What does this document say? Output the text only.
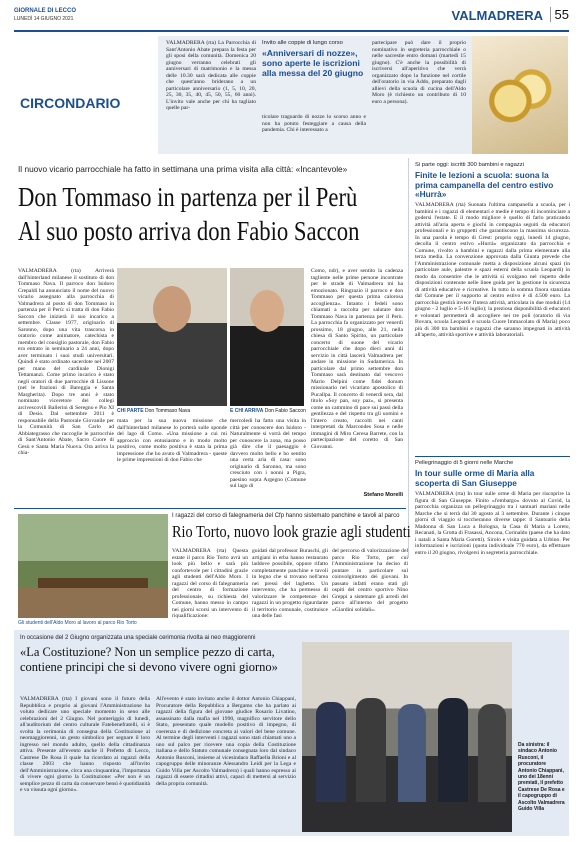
GIORNALE DI LECCO
LUNEDÌ 14 GIUGNO 2021	VALMADRERA 55
CIRCONDARIO
VALMADRERA (rta) La Parrocchia di Sant'Antonio Abate prepara la festa per gli sposi della comunità. Domenica 20 giugno verranno celebrati gli anniversari di matrimonio e la messa delle 10.30 sarà dedicata alle coppie che quest'anno briderano a un particolare anniversario (1, 5, 10, 20, 25, 30, 35, 40, 45, 50, 55, 60 anni). L'invito vale anche per chi ha tagliato quelle par-
Invito alle coppie di lungo corso
«Anniversari di nozze», sono aperte le iscrizioni alla messa del 20 giugno
ticolare traguardo di nozze lo scorso anno e non ha potuto festeggiare a causa della pandemia. Chi è interessato a
partecipare può dare il proprio nominativo in segreteria parrocchiale o nelle sacrestie entro domani (martedì 15 giugno). C'è anche la possibilità di iscriversi all'aperitivo che verrà organizzato dopo la funzione nel cortile dell'oratorio in via Addo, preparato dagli allievi della scuola di cucina dell'Aldo Moro (è richiesto un contributo di 10 euro a persona).
Il nuovo vicario parrocchiale ha fatto in settimana una prima visita alla città: «Incantevole»
Don Tommaso in partenza per il Perù
Al suo posto arriva don Fabio Saccon
VALMADRERA (rta) Arriverà dall'hinterland milanese il sostituto di don Tommaso Nava. Il parroco don Isidoro Crepaldi ha annunciato il nome del nuovo vicario assegnato alla parrocchia di Valmadrera al posto di don Tommaso in partenza per il Perù: si tratta di don Fabio Saccon che inizierà il suo incarico a settembre. Classe 1977, originario di Saronno, dopo una vita trascorsa in oratorio come animatore, catechista e membro del consiglio pastorale, don Fabio era entrato in seminario a 24 anni, dopo aver terminato i suoi studi universitari. Quindi è stato ordinato sacerdote nel 2007 per mano del cardinale Dionigi Tettamanzi. Come primo incarico è stato negli oratori di due parrocchie di Lissone (nel le frazioni di Bareggia e Santa Margherita). Dopo tre anni è stato nominato viceretore dei collegi arcivescovili Ballerini di Seregno e Pio XI di Desio. Dal settembre 2011 è responsabile della Pastorale Giovanile per la Comunità di San Carlo ad Abbiategrasso che raccoglie le parrocchie di Sant'Antonio Abate, Sacro Cuore di Gesù e Santa Maria Nuova. Ora arriva la chia-
CHI PARTE Don Tommaso Nava	E CHI ARRIVA Don Fabio Saccon
mata per la sua nuova missione che dall'hinterland milanese lo porterà sulle sponde del lago di Como. «Una missione a cui mi approccio con entusiasmo e in modo molto positivo, come molto positiva è stata la prima impressione che ho avuto di Valmadrera - queste le prime impressioni di don Fabio che
mercoledì ha fatto una visita in città per conoscere don Isidoro - Naturalmente si vorrà del tempo per conoscere la zona, ma posso già dire che il paesaggio è davvero molto bello e ho sentito una certa aria di casa: sono originario di Saronno, ma sono cresciuto con i nonni a Pigra, paesino sopra Argegno (Comune sul lago di
Como, ndr), e aver sentito la cadenza tagliente nelle prime persone incontrate per le strade di Valmadrera mi ha emozionato. Ringrazio il parroco e don Tommaso per questa prima calorosa accoglienza». Intanto i fedeli sono chiamati a raccolta per salutare don Tommaso Nava in partenza per il Perù. La parrocchia fa organizzato per venerdì prossimo, 18 giugno, alle 21, nella chiesa di Santo Spirito, un particolare concerto di suone del vicario parrocchiale che dopo dieci anni di servizio in città lascerà Valmadrera per andare in missione in Sudamerica. In particolare dal primo settembre don Tommaso sarà destinato dal vescovo Mario Delpini come fidei donum missionario nel vicariato apostolico di Pucallpa. Il concerto di venerdì sera, dal titolo «Soy pan, soy paz», si presenta come un cammino di pace sui passi della gentilezza e del rispetto tra gli uomini e l'intero creato, raccolti nei canti interpretati da Marcondes Sosa e nelle immagini di Miro Ceresa Barrete, con la partecipazione del coretto di San Giovanni.
Stefano Morelli
Si parte oggi: iscritti 300 bambini e ragazzi
Finite le lezioni a scuola: suona la prima campanella del centro estivo «Hurrà»
VALMADRERA (rta) Suonata l'ultima campanella a scuola, per i bambini e i ragazzi di elementari e medie è tempo di incominciare a godersi l'estate. E il modo migliore è quello di farlo praticando attività all'aria aperta e giochi in compagnia seguiti da educatori professionali e in gruppetti che garantiscono la massima sicurezza. In una parola è tempo di Grest: proprio oggi, lunedì 14 giugno, decolla il centro estivo «Hurrà» organizzato da parrocchia e Comune, rivolto a bambini e ragazzi dalla prima elementare alla terza media. La convenzione approvata dalla Giunta prevede che l'Amministrazione comunale metta a disposizione alcuni spazi (in particolare aule, palestre e spazi esterni della scuola Leopardi) in modo da consentire che le attività si svolgano nel rispetto delle disposizioni contenute nelle linee guida per la gestione in sicurezza di attività educative e ricreative. In tutto la somma finora stanziata dal Comune per il supporto al centro estivo è di 4.500 euro. La parrocchia gestirà invece l'intera attività, articolata in due moduli (14 giugno - 2 luglio e 5-16 luglio); la preziosa disponibilità di educatori e volontari permetterà di accogliere nei tre poli (oratorio di via Bovara, scuola Leopardi e scuola Cuore Immacolato di Maria) poco più di 300 tra bambini e ragazzi che saranno impegnati in attività all'aperto, attività sportive e attività laboratoriali.
Pellegrinaggio di 5 giorni nelle Marche
In tour sulle orme di Maria alla scoperta di San Giuseppe
VALMADRERA (rta) In tour sulle orme di Maria per riscoprire la figura di San Giuseppe. Finito «l'embargo» dovuto al Covid, la parrocchia organizza un pellegrinaggio tra i santuari mariani nelle Marche che si terrà dal 30 agosto al 3 settembre. Durante i cinque giorni di viaggio si toccheranno diverse tappe: il Santuario della Madonna di San Luca a Bologna, la Casa di Maria a Loreto, Recanati, la Grotta di Frasassi, Ancona, Corinaldo (paese che ha dato i natali a Santa Maria Goretti). Sirolo e visita guidata a Urbino. Per informazioni e iscrizioni (quota individuale 770 euro), da effettuare entro il 20 giugno, rivolgersi in segreteria parrocchiale.
Gli studenti dell'Aldo Moro al lavoro al parco Rio Torto
I ragazzi del corso di falegnameria del Cfp hanno sistemato panchine e tavoli al parco
Rio Torto, nuovo look grazie agli studenti
VALMADRERA (rta) Questa estate il parco Rio Torto avrà un look più bello e sarà più confortevole per i cittadini grazie agli studenti dell'Aldo Moro. I ragazzi del corso di falegnameria del centro di formazione professionale, su richiesta del Comune, hanno messo in campo nei giorni scorsi un intervento di riqualificazione:
guidati dal professor Buraschi, gli artigiani in erba hanno restaurato laddove possibile, oppure rifatto completamente panchine e tavoli in legno che si trovano nell'area nei pressi del laghetto. Un intervento, che ha permesso di valorizzare le competenze dei ragazzi in un progetto rigaurdante il territorio comunale, costituisce una delle fasi
del percorso di valorizzazione del parco Rio Torto, per cui l'Amministrazione ha deciso di puntare in particolare sul coinvolgimento dei giovani. In passato infatti erano stati gli ospiti del centro sportivo Nino Greppi a sistemare gli arredi del parco all'interno del progetto «Giardini solidali».
In occasione del 2 Giugno organizzata una speciale cerimonia rivolta ai neo maggiorenni
«La Costituzione? Non un semplice pezzo di carta, contiene principi che si devono vivere ogni giorno»
VALMADRERA (rta) I giovani sono il futuro della Repubblica e proprio ai giovani l'Amministrazione ha voluto dedicare uno speciale momento in seno alle celebrazioni del 2 Giugno. Nel pomeriggio di lunedì, all'auditorium del centro culturale Fatebenefratelli, si è svolta la cerimonia di consegna della Costituzione ai neomaggiorenni, un gesto simbolico per segnare il loro ingresso nel mondo adulto, quello della cittadinanza attiva. Presente all'evento anche il Prefetto di Lecco, Castrese De Rosa il quale ha ricordato ai ragazzi della classe 2003 che hanno risposto all'invito dell'Amministrazione, circa una cinquantina, l'importanza di vivere ogni giorno la Costituzione: «Per non è un semplice pezzo di carta da conservare bensì è quotidianità e va vissuta ogni giorno».
All'evento è stato invitato anche il dottor Antonio Chiappani, Procuratore della Repubblica a Bergamo che ha parlato ai ragazzi della figura del giovane giudice Rosario Livatino, assassinato dalla mafia nel 1990, magnifico servitore dello Stato, presentato quale modello positivo di impegno, di coerenza e di dedizione concreta ai valori del bene comune. Al termine degli interventi i ragazzi sono stati chiamati uno a uno sul palco per ricevere una copia della Costituzione italiana e dello Statuto comunale consegnata loro dal sindaco Antonio Rusconi, insieme al vicesindaco Raffaella Brioni e al capogruppo delle minoranze Alessandro Leidi per la Lega e Guido Villa per Ascolto Valmadrera) i quali hanno espresso ai ragazzi di essere cittadini attivi, capaci di mettersi al servizio della propria comunità.
Da sinistra: il sindaco Antonio Rusconi, il procuratore Antonio Chiappani, uno dei 18enni premiati, il prefetto Castrese De Rosa e il capogruppo di Ascolto Valmadrera Guido Villa
